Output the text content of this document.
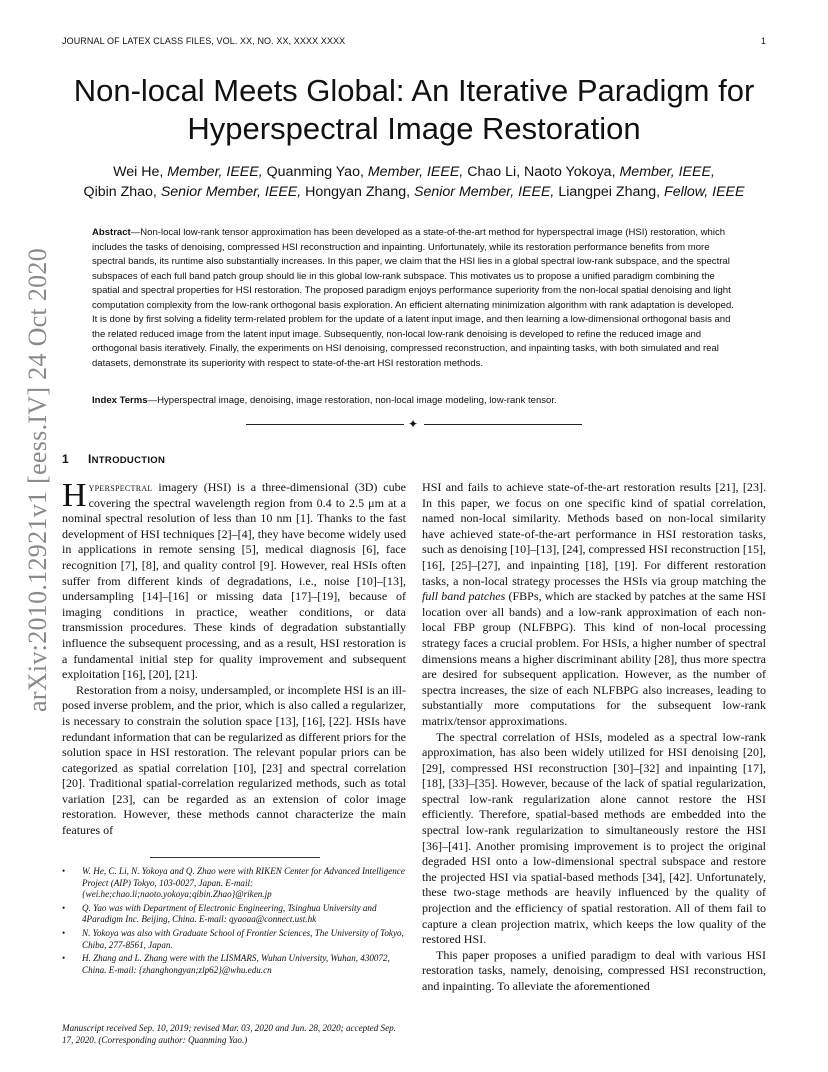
JOURNAL OF LATEX CLASS FILES, VOL. XX, NO. XX, XXXX XXXX	1
arXiv:2010.12921v1 [eess.IV] 24 Oct 2020
Non-local Meets Global: An Iterative Paradigm for Hyperspectral Image Restoration
Wei He, Member, IEEE, Quanming Yao, Member, IEEE, Chao Li, Naoto Yokoya, Member, IEEE,
Qibin Zhao, Senior Member, IEEE, Hongyan Zhang, Senior Member, IEEE, Liangpei Zhang, Fellow, IEEE

Abstract—Non-local low-rank tensor approximation has been developed as a state-of-the-art method for hyperspectral image (HSI) restoration, which includes the tasks of denoising, compressed HSI reconstruction and inpainting. Unfortunately, while its restoration performance benefits from more spectral bands, its runtime also substantially increases. In this paper, we claim that the HSI lies in a global spectral low-rank subspace, and the spectral subspaces of each full band patch group should lie in this global low-rank subspace. This motivates us to propose a unified paradigm combining the spatial and spectral properties for HSI restoration. The proposed paradigm enjoys performance superiority from the non-local spatial denoising and light computation complexity from the low-rank orthogonal basis exploration. An efficient alternating minimization algorithm with rank adaptation is developed. It is done by first solving a fidelity term-related problem for the update of a latent input image, and then learning a low-dimensional orthogonal basis and the related reduced image from the latent input image. Subsequently, non-local low-rank denoising is developed to refine the reduced image and orthogonal basis iteratively. Finally, the experiments on HSI denoising, compressed reconstruction, and inpainting tasks, with both simulated and real datasets, demonstrate its superiority with respect to state-of-the-art HSI restoration methods.

Index Terms—Hyperspectral image, denoising, image restoration, non-local image modeling, low-rank tensor.

✦
1 INTRODUCTION

Hyperspectral imagery (HSI) is a three-dimensional (3D) cube covering the spectral wavelength region from 0.4 to 2.5 μm at a nominal spectral resolution of less than 10 nm [1]. Thanks to the fast development of HSI techniques [2]–[4], they have become widely used in applications in remote sensing [5], medical diagnosis [6], face recognition [7], [8], and quality control [9]. However, real HSIs often suffer from different kinds of degradations, i.e., noise [10]–[13], undersampling [14]–[16] or missing data [17]–[19], because of imaging conditions in practice, weather conditions, or data transmission procedures. These kinds of degradation substantially influence the subsequent processing, and as a result, HSI restoration is a fundamental initial step for quality improvement and subsequent exploitation [16], [20], [21].

Restoration from a noisy, undersampled, or incomplete HSI is an ill-posed inverse problem, and the prior, which is also called a regularizer, is necessary to constrain the solution space [13], [16], [22]. HSIs have redundant information that can be regularized as different priors for the solution space in HSI restoration. The relevant popular priors can be categorized as spatial correlation [10], [23] and spectral correlation [20]. Traditional spatial-correlation regularized methods, such as total variation [23], can be regarded as an extension of color image restoration. However, these methods cannot characterize the main features of

HSI and fails to achieve state-of-the-art restoration results [21], [23]. In this paper, we focus on one specific kind of spatial correlation, named non-local similarity. Methods based on non-local similarity have achieved state-of-the-art performance in HSI restoration tasks, such as denoising [10]–[13], [24], compressed HSI reconstruction [15], [16], [25]–[27], and inpainting [18], [19]. For different restoration tasks, a non-local strategy processes the HSIs via group matching the full band patches (FBPs, which are stacked by patches at the same HSI location over all bands) and a low-rank approximation of each non-local FBP group (NLFBPG). This kind of non-local processing strategy faces a crucial problem. For HSIs, a higher number of spectral dimensions means a higher discriminant ability [28], thus more spectra are desired for subsequent application. However, as the number of spectra increases, the size of each NLFBPG also increases, leading to substantially more computations for the subsequent low-rank matrix/tensor approximations.

The spectral correlation of HSIs, modeled as a spectral low-rank approximation, has also been widely utilized for HSI denoising [20], [29], compressed HSI reconstruction [30]–[32] and inpainting [17], [18], [33]–[35]. However, because of the lack of spatial regularization, spectral low-rank regularization alone cannot restore the HSI efficiently. Therefore, spatial-based methods are embedded into the spectral low-rank regularization to simultaneously restore the HSI [36]–[41]. Another promising improvement is to project the original degraded HSI onto a low-dimensional spectral subspace and restore the projected HSI via spatial-based methods [34], [42]. Unfortunately, these two-stage methods are heavily influenced by the quality of projection and the efficiency of spatial restoration. All of them fail to capture a clean projection matrix, which keeps the low quality of the restored HSI.

This paper proposes a unified paradigm to deal with various HSI restoration tasks, namely, denoising, compressed HSI reconstruction, and inpainting. To alleviate the aforementioned

• W. He, C. Li, N. Yokoya and Q. Zhao were with RIKEN Center for Advanced Intelligence Project (AIP) Tokyo, 103-0027, Japan. E-mail: {wei.he;chao.li;naoto.yokoya;qibin.Zhao}@riken.jp
• Q. Yao was with Department of Electronic Engineering, Tsinghua University and 4Paradigm Inc. Beijing, China. E-mail: qyaoaa@connect.ust.hk
• N. Yokoya was also with Graduate School of Frontier Sciences, The University of Tokyo, Chiba, 277-8561, Japan.
• H. Zhang and L. Zhang were with the LISMARS, Wuhan University, Wuhan, 430072, China. E-mail: {zhanghongyan;zlp62}@whu.edu.cn

Manuscript received Sep. 10, 2019; revised Mar. 03, 2020 and Jun. 28, 2020; accepted Sep. 17, 2020. (Corresponding author: Quanming Yao.)
